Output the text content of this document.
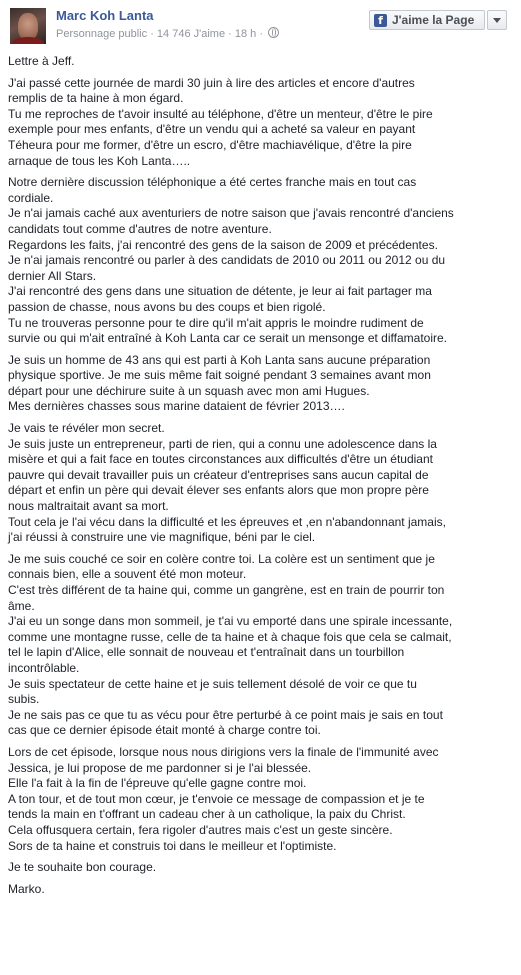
Marc Koh Lanta
Personnage public · 14 746 J'aime · 18 h ·
f J'aime la Page

Lettre à Jeff.

J'ai passé cette journée de mardi 30 juin à lire des articles et encore d'autres
remplis de ta haine à mon égard.
Tu me reproches de t'avoir insulté au téléphone, d'être un menteur, d'être le pire
exemple pour mes enfants, d'être un vendu qui a acheté sa valeur en payant
Téheura pour me former, d'être un escro, d'être machiavélique, d'être la pire
arnaque de tous les Koh Lanta…..

Notre dernière discussion téléphonique a été certes franche mais en tout cas
cordiale.
Je n'ai jamais caché aux aventuriers de notre saison que j'avais rencontré d'anciens
candidats tout comme d'autres de notre aventure.
Regardons les faits, j'ai rencontré des gens de la saison de 2009 et précédentes.
Je n'ai jamais rencontré ou parler à des candidats de 2010 ou 2011 ou 2012 ou du
dernier All Stars.
J'ai rencontré des gens dans une situation de détente, je leur ai fait partager ma
passion de chasse, nous avons bu des coups et bien rigolé.
Tu ne trouveras personne pour te dire qu'il m'ait appris le moindre rudiment de
survie ou qui m'ait entraîné à Koh Lanta car ce serait un mensonge et diffamatoire.

Je suis un homme de 43 ans qui est parti à Koh Lanta sans aucune préparation
physique sportive. Je me suis même fait soigné pendant 3 semaines avant mon
départ pour une déchirure suite à un squash avec mon ami Hugues.
Mes dernières chasses sous marine dataient de février 2013….

Je vais te révéler mon secret.
Je suis juste un entrepreneur, parti de rien, qui a connu une adolescence dans la
misère et qui a fait face en toutes circonstances aux difficultés d'être un étudiant
pauvre qui devait travailler puis un créateur d'entreprises sans aucun capital de
départ et enfin un père qui devait élever ses enfants alors que mon propre père
nous maltraitait avant sa mort.
Tout cela je l'ai vécu dans la difficulté et les épreuves et ,en n'abandonnant jamais,
j'ai réussi à construire une vie magnifique, béni par le ciel.

Je me suis couché ce soir en colère contre toi. La colère est un sentiment que je
connais bien, elle a souvent été mon moteur.
C'est très différent de ta haine qui, comme un gangrène, est en train de pourrir ton
âme.
J'ai eu un songe dans mon sommeil, je t'ai vu emporté dans une spirale incessante,
comme une montagne russe, celle de ta haine et à chaque fois que cela se calmait,
tel le lapin d'Alice, elle sonnait de nouveau et t'entraînait dans un tourbillon
incontrôlable.
Je suis spectateur de cette haine et je suis tellement désolé de voir ce que tu
subis.
Je ne sais pas ce que tu as vécu pour être perturbé à ce point mais je sais en tout
cas que ce dernier épisode était monté à charge contre toi.

Lors de cet épisode, lorsque nous nous dirigions vers la finale de l'immunité avec
Jessica, je lui propose de me pardonner si je l'ai blessée.
Elle l'a fait à la fin de l'épreuve qu'elle gagne contre moi.
A ton tour, et de tout mon cœur, je t'envoie ce message de compassion et je te
tends la main en t'offrant un cadeau cher à un catholique, la paix du Christ.
Cela offusquera certain, fera rigoler d'autres mais c'est un geste sincère.
Sors de ta haine et construis toi dans le meilleur et l'optimiste.

Je te souhaite bon courage.

Marko.
